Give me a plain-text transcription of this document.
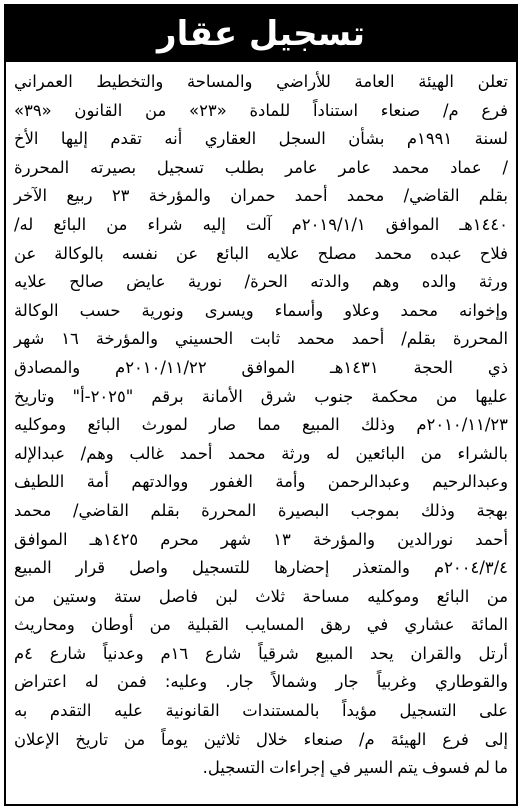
تسجيل عقار
تعلن الهيئة العامة للأراضي والمساحة والتخطيط العمراني
فرع م/ صنعاء استناداً للمادة «٢٣» من القانون «٣٩»
لسنة ١٩٩١م بشأن السجل العقاري أنه تقدم إليها الأخ
/ عماد محمد عامر عامر بطلب تسجيل بصيرته المحررة
بقلم القاضي/ محمد أحمد حمران والمؤرخة ٢٣ ربيع الآخر
١٤٤٠هـ الموافق ٢٠١٩/١/١م آلت إليه شراء من البائع له/
فلاح عبده محمد مصلح علايه البائع عن نفسه بالوكالة عن
ورثة والده وهم والدته الحرة/ نورية عايض صالح علايه
وإخوانه محمد وعلاو وأسماء ويسرى ونورية حسب الوكالة
المحررة بقلم/ أحمد محمد ثابت الحسيني والمؤرخة ١٦ شهر
ذي الحجة ١٤٣١هـ الموافق ٢٠١٠/١١/٢٢م والمصادق
عليها من محكمة جنوب شرق الأمانة برقم "٢٠٢٥-أ" وتاريخ
٢٠١٠/١١/٢٣م وذلك المبيع مما صار لمورث البائع وموكليه
بالشراء من البائعين له ورثة محمد أحمد غالب وهم/ عبدالإله
وعبدالرحيم وعبدالرحمن وأمة الغفور ووالدتهم أمة اللطيف
بهجة وذلك بموجب البصيرة المحررة بقلم القاضي/ محمد
أحمد نورالدين والمؤرخة ١٣ شهر محرم ١٤٢٥هـ الموافق
٢٠٠٤/٣/٤م والمتعذر إحضارها للتسجيل واصل قرار المبيع
من البائع وموكليه مساحة ثلاث لبن فاصل ستة وستين من
المائة عشاري في رهق المسايب القبلية من أوطان ومحاريث
أرتل والقران يحد المبيع شرقياً شارع ١٦م وعدنياً شارع ٤م
والقوطاري وغربياً جار وشمالاً جار. وعليه: فمن له اعتراض
على التسجيل مؤيداً بالمستندات القانونية عليه التقدم به
إلى فرع الهيئة م/ صنعاء خلال ثلاثين يوماً من تاريخ الإعلان
ما لم فسوف يتم السير في إجراءات التسجيل.
